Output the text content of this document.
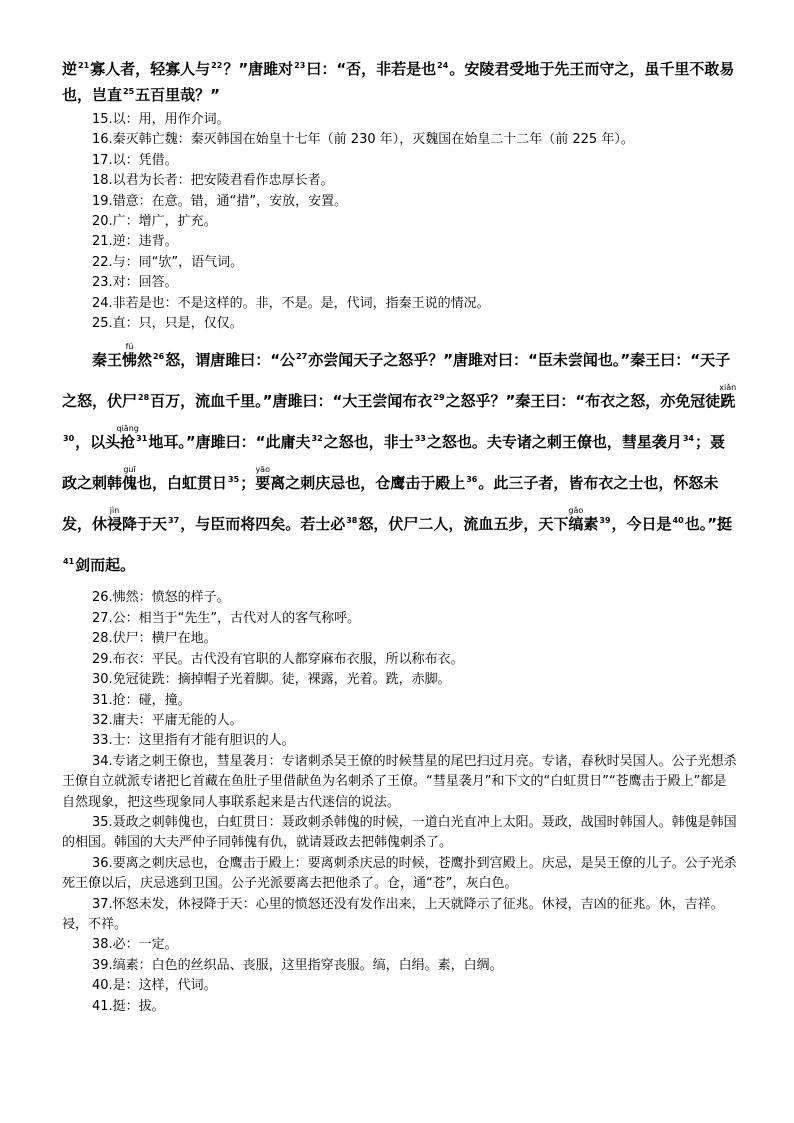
逆$^{21}$寡人者，轻寡人与$^{22}$？”唐雎对$^{23}$曰：“否，非若是也$^{24}$。安陵君受地于先王而守之，虽千里不敢易也，岂直$^{25}$五百里哉？”

15.以：用，用作介词。
16.秦灭韩亡魏：秦灭韩国在始皇十七年（前 230 年），灭魏国在始皇二十二年（前 225 年）。
17.以：凭借。
18.以君为长者：把安陵君看作忠厚长者。
19.错意：在意。错，通“措”，安放，安置。
20.广：增广，扩充。
21.逆：违背。
22.与：同“欤”，语气词。
23.对：回答。
24.非若是也：不是这样的。非，不是。是，代词，指秦王说的情况。
25.直：只，只是，仅仅。

秦王怫fú然$^{26}$怒，谓唐雎曰：“公$^{27}$亦尝闻天子之怒乎？”唐雎对曰：“臣未尝闻也。”秦王曰：“天子之怒，伏尸$^{28}$百万，流血千里。”唐雎曰：“大王尝闻布衣$^{29}$之怒乎？”秦王曰：“布衣之怒，亦免冠徒跣xiǎn$^{30}$，以头抢qiāng$^{31}$地耳。”唐雎曰：“此庸夫$^{32}$之怒也，非士$^{33}$之怒也。夫专诸之刺王僚也，彗星袭月$^{34}$；聂政之刺韩傀guī也，白虹贯日$^{35}$；要yāo离之刺庆忌也，仓鹰击于殿上$^{36}$。此三子者，皆布衣之士也，怀怒未发，休祲jìn降于天$^{37}$，与臣而将四矣。若士必$^{38}$怒，伏尸二人，流血五步，天下缟gǎo素$^{39}$，今日是$^{40}$也。”挺$^{41}$剑而起。

26.怫然：愤怒的样子。
27.公：相当于“先生”，古代对人的客气称呼。
28.伏尸：横尸在地。
29.布衣：平民。古代没有官职的人都穿麻布衣服，所以称布衣。
30.免冠徒跣：摘掉帽子光着脚。徒，裸露，光着。跣，赤脚。
31.抢：碰，撞。
32.庸夫：平庸无能的人。
33.士：这里指有才能有胆识的人。
34.专诸之刺王僚也，彗星袭月：专诸刺杀吴王僚的时候彗星的尾巴扫过月亮。专诸，春秋时吴国人。公子光想杀王僚自立就派专诸把匕首藏在鱼肚子里借献鱼为名刺杀了王僚。“彗星袭月”和下文的“白虹贯日”“苍鹰击于殿上”都是自然现象，把这些现象同人事联系起来是古代迷信的说法。
35.聂政之刺韩傀也，白虹贯日：聂政刺杀韩傀的时候，一道白光直冲上太阳。聂政，战国时韩国人。韩傀是韩国的相国。韩国的大夫严仲子同韩傀有仇，就请聂政去把韩傀刺杀了。
36.要离之刺庆忌也，仓鹰击于殿上：要离刺杀庆忌的时候，苍鹰扑到宫殿上。庆忌，是吴王僚的儿子。公子光杀死王僚以后，庆忌逃到卫国。公子光派要离去把他杀了。仓，通“苍”，灰白色。
37.怀怒未发，休祲降于天：心里的愤怒还没有发作出来，上天就降示了征兆。休祲，吉凶的征兆。休，吉祥。祲，不祥。
38.必：一定。
39.缟素：白色的丝织品、丧服，这里指穿丧服。缟，白绢。素，白绸。
40.是：这样，代词。
41.挺：拔。
